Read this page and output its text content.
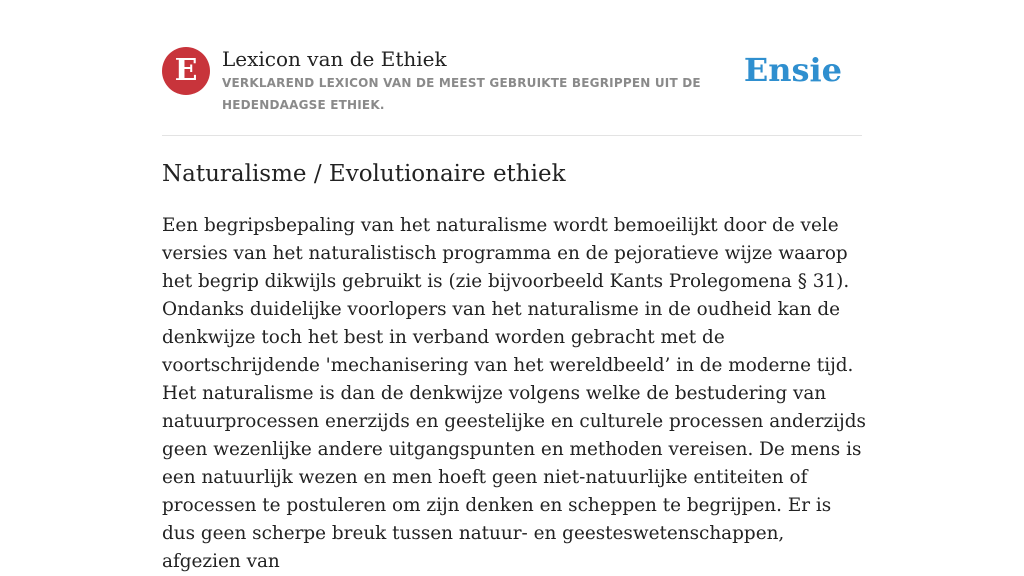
E	Lexicon van de Ethiek
VERKLAREND LEXICON VAN DE MEEST GEBRUIKTE BEGRIPPEN UIT DE HEDENDAAGSE ETHIEK.
Ensie
Naturalisme / Evolutionaire ethiek

Een begripsbepaling van het naturalisme wordt bemoeilijkt door de vele versies van het naturalistisch programma en de pejoratieve wijze waarop het begrip dikwijls gebruikt is (zie bijvoorbeeld Kants Prolegomena § 31). Ondanks duidelijke voorlopers van het naturalisme in de oudheid kan de denkwijze toch het best in verband worden gebracht met de voortschrijdende 'mechanisering van het wereldbeeld’ in de moderne tijd. Het naturalisme is dan de denkwijze volgens welke de bestudering van natuurprocessen enerzijds en geestelijke en culturele processen anderzijds geen wezenlijke andere uitgangspunten en methoden vereisen. De mens is een natuurlijk wezen en men hoeft geen niet-natuurlijke entiteiten of processen te postuleren om zijn denken en scheppen te begrijpen. Er is dus geen scherpe breuk tussen natuur- en geesteswetenschappen, afgezien van
